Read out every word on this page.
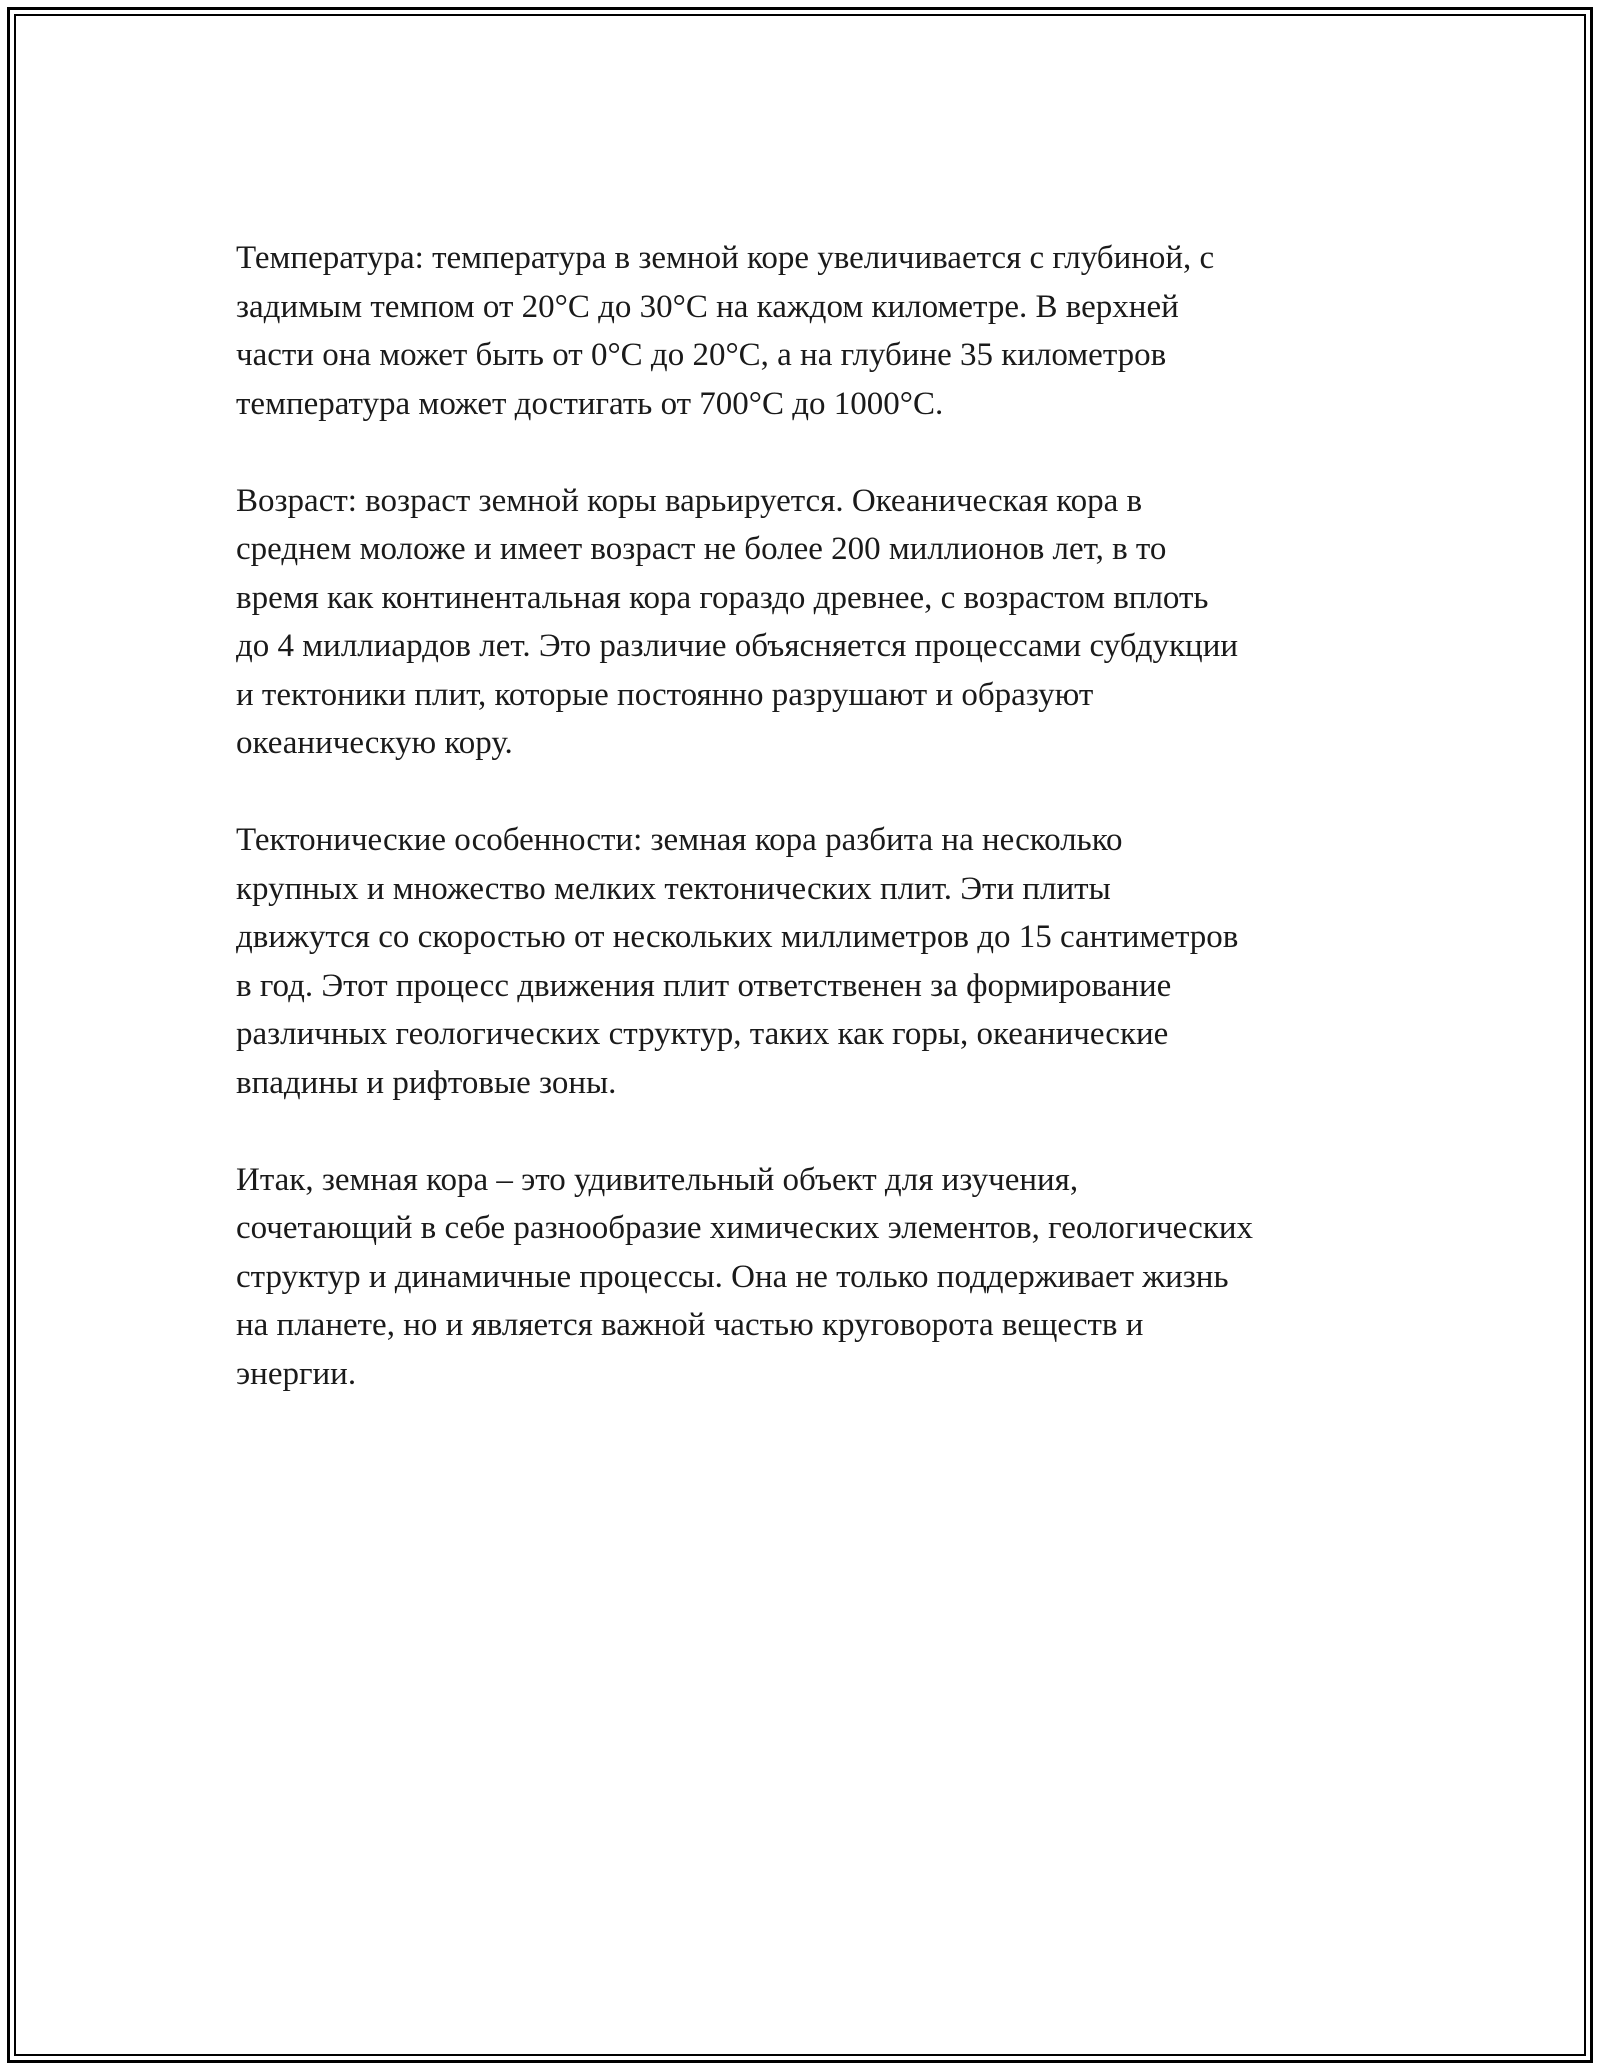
Температура: температура в земной коре увеличивается с глубиной, с
задимым темпом от 20°C до 30°C на каждом километре. В верхней
части она может быть от 0°C до 20°C, а на глубине 35 километров
температура может достигать от 700°C до 1000°C.

Возраст: возраст земной коры варьируется. Океаническая кора в
среднем моложе и имеет возраст не более 200 миллионов лет, в то
время как континентальная кора гораздо древнее, с возрастом вплоть
до 4 миллиардов лет. Это различие объясняется процессами субдукции
и тектоники плит, которые постоянно разрушают и образуют
океаническую кору.

Тектонические особенности: земная кора разбита на несколько
крупных и множество мелких тектонических плит. Эти плиты
движутся со скоростью от нескольких миллиметров до 15 сантиметров
в год. Этот процесс движения плит ответственен за формирование
различных геологических структур, таких как горы, океанические
впадины и рифтовые зоны.

Итак, земная кора – это удивительный объект для изучения,
сочетающий в себе разнообразие химических элементов, геологических
структур и динамичные процессы. Она не только поддерживает жизнь
на планете, но и является важной частью круговорота веществ и
энергии.
